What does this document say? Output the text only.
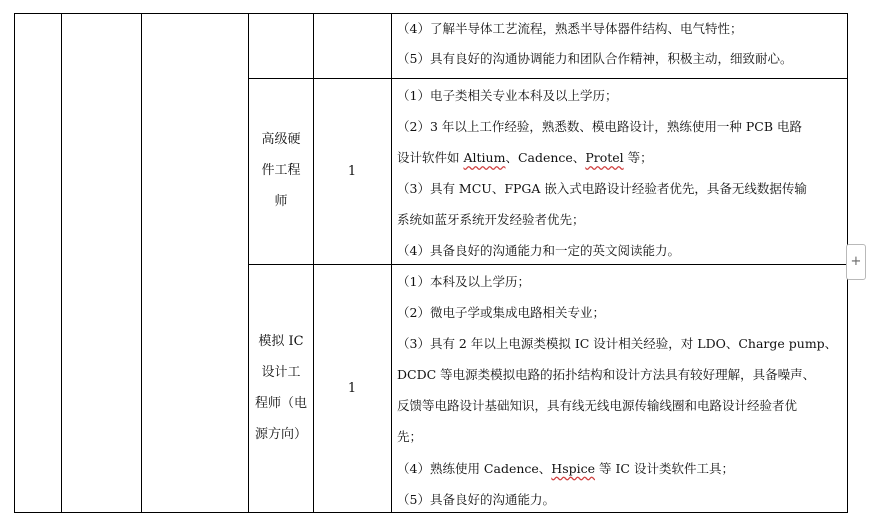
（4）了解半导体工艺流程，熟悉半导体器件结构、电气特性；
（5）具有良好的沟通协调能力和团队合作精神，积极主动，细致耐心。
高级硬
件工程
师
1
（1）电子类相关专业本科及以上学历；
（2）3 年以上工作经验，熟悉数、模电路设计，熟练使用一种 PCB 电路
设计软件如 Altium、Cadence、Protel 等；
（3）具有 MCU、FPGA 嵌入式电路设计经验者优先，具备无线数据传输
系统如蓝牙系统开发经验者优先；
（4）具备良好的沟通能力和一定的英文阅读能力。
模拟 IC
设计工
程师（电
源方向）
1
（1）本科及以上学历；
（2）微电子学或集成电路相关专业；
（3）具有 2 年以上电源类模拟 IC 设计相关经验，对 LDO、Charge pump、
DCDC 等电源类模拟电路的拓扑结构和设计方法具有较好理解，具备噪声、
反馈等电路设计基础知识，具有线无线电源传输线圈和电路设计经验者优
先；
（4）熟练使用 Cadence、Hspice 等 IC 设计类软件工具；
（5）具备良好的沟通能力。
+
